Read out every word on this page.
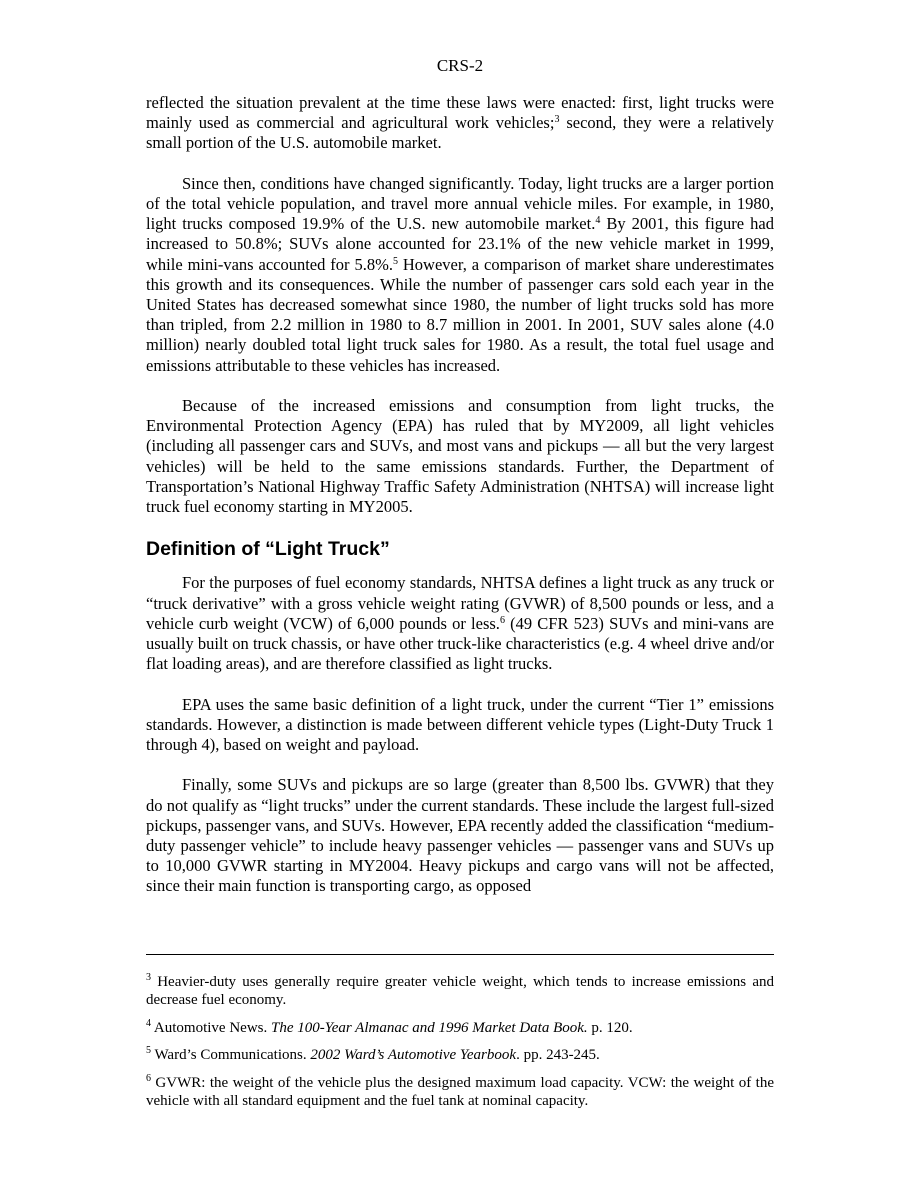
CRS-2

reflected the situation prevalent at the time these laws were enacted: first, light trucks were mainly used as commercial and agricultural work vehicles;$^3$ second, they were a relatively small portion of the U.S. automobile market.

Since then, conditions have changed significantly. Today, light trucks are a larger portion of the total vehicle population, and travel more annual vehicle miles. For example, in 1980, light trucks composed 19.9% of the U.S. new automobile market.$^4$ By 2001, this figure had increased to 50.8%; SUVs alone accounted for 23.1% of the new vehicle market in 1999, while mini-vans accounted for 5.8%.$^5$ However, a comparison of market share underestimates this growth and its consequences. While the number of passenger cars sold each year in the United States has decreased somewhat since 1980, the number of light trucks sold has more than tripled, from 2.2 million in 1980 to 8.7 million in 2001. In 2001, SUV sales alone (4.0 million) nearly doubled total light truck sales for 1980. As a result, the total fuel usage and emissions attributable to these vehicles has increased.

Because of the increased emissions and consumption from light trucks, the Environmental Protection Agency (EPA) has ruled that by MY2009, all light vehicles (including all passenger cars and SUVs, and most vans and pickups — all but the very largest vehicles) will be held to the same emissions standards. Further, the Department of Transportation’s National Highway Traffic Safety Administration (NHTSA) will increase light truck fuel economy starting in MY2005.

Definition of “Light Truck”

For the purposes of fuel economy standards, NHTSA defines a light truck as any truck or “truck derivative” with a gross vehicle weight rating (GVWR) of 8,500 pounds or less, and a vehicle curb weight (VCW) of 6,000 pounds or less.$^6$ (49 CFR 523) SUVs and mini-vans are usually built on truck chassis, or have other truck-like characteristics (e.g. 4 wheel drive and/or flat loading areas), and are therefore classified as light trucks.

EPA uses the same basic definition of a light truck, under the current “Tier 1” emissions standards. However, a distinction is made between different vehicle types (Light-Duty Truck 1 through 4), based on weight and payload.

Finally, some SUVs and pickups are so large (greater than 8,500 lbs. GVWR) that they do not qualify as “light trucks” under the current standards. These include the largest full-sized pickups, passenger vans, and SUVs. However, EPA recently added the classification “medium-duty passenger vehicle” to include heavy passenger vehicles — passenger vans and SUVs up to 10,000 GVWR starting in MY2004. Heavy pickups and cargo vans will not be affected, since their main function is transporting cargo, as opposed

$^3$ Heavier-duty uses generally require greater vehicle weight, which tends to increase emissions and decrease fuel economy.

$^4$ Automotive News. The 100-Year Almanac and 1996 Market Data Book. p. 120.

$^5$ Ward’s Communications. 2002 Ward’s Automotive Yearbook. pp. 243-245.

$^6$ GVWR: the weight of the vehicle plus the designed maximum load capacity. VCW: the weight of the vehicle with all standard equipment and the fuel tank at nominal capacity.
